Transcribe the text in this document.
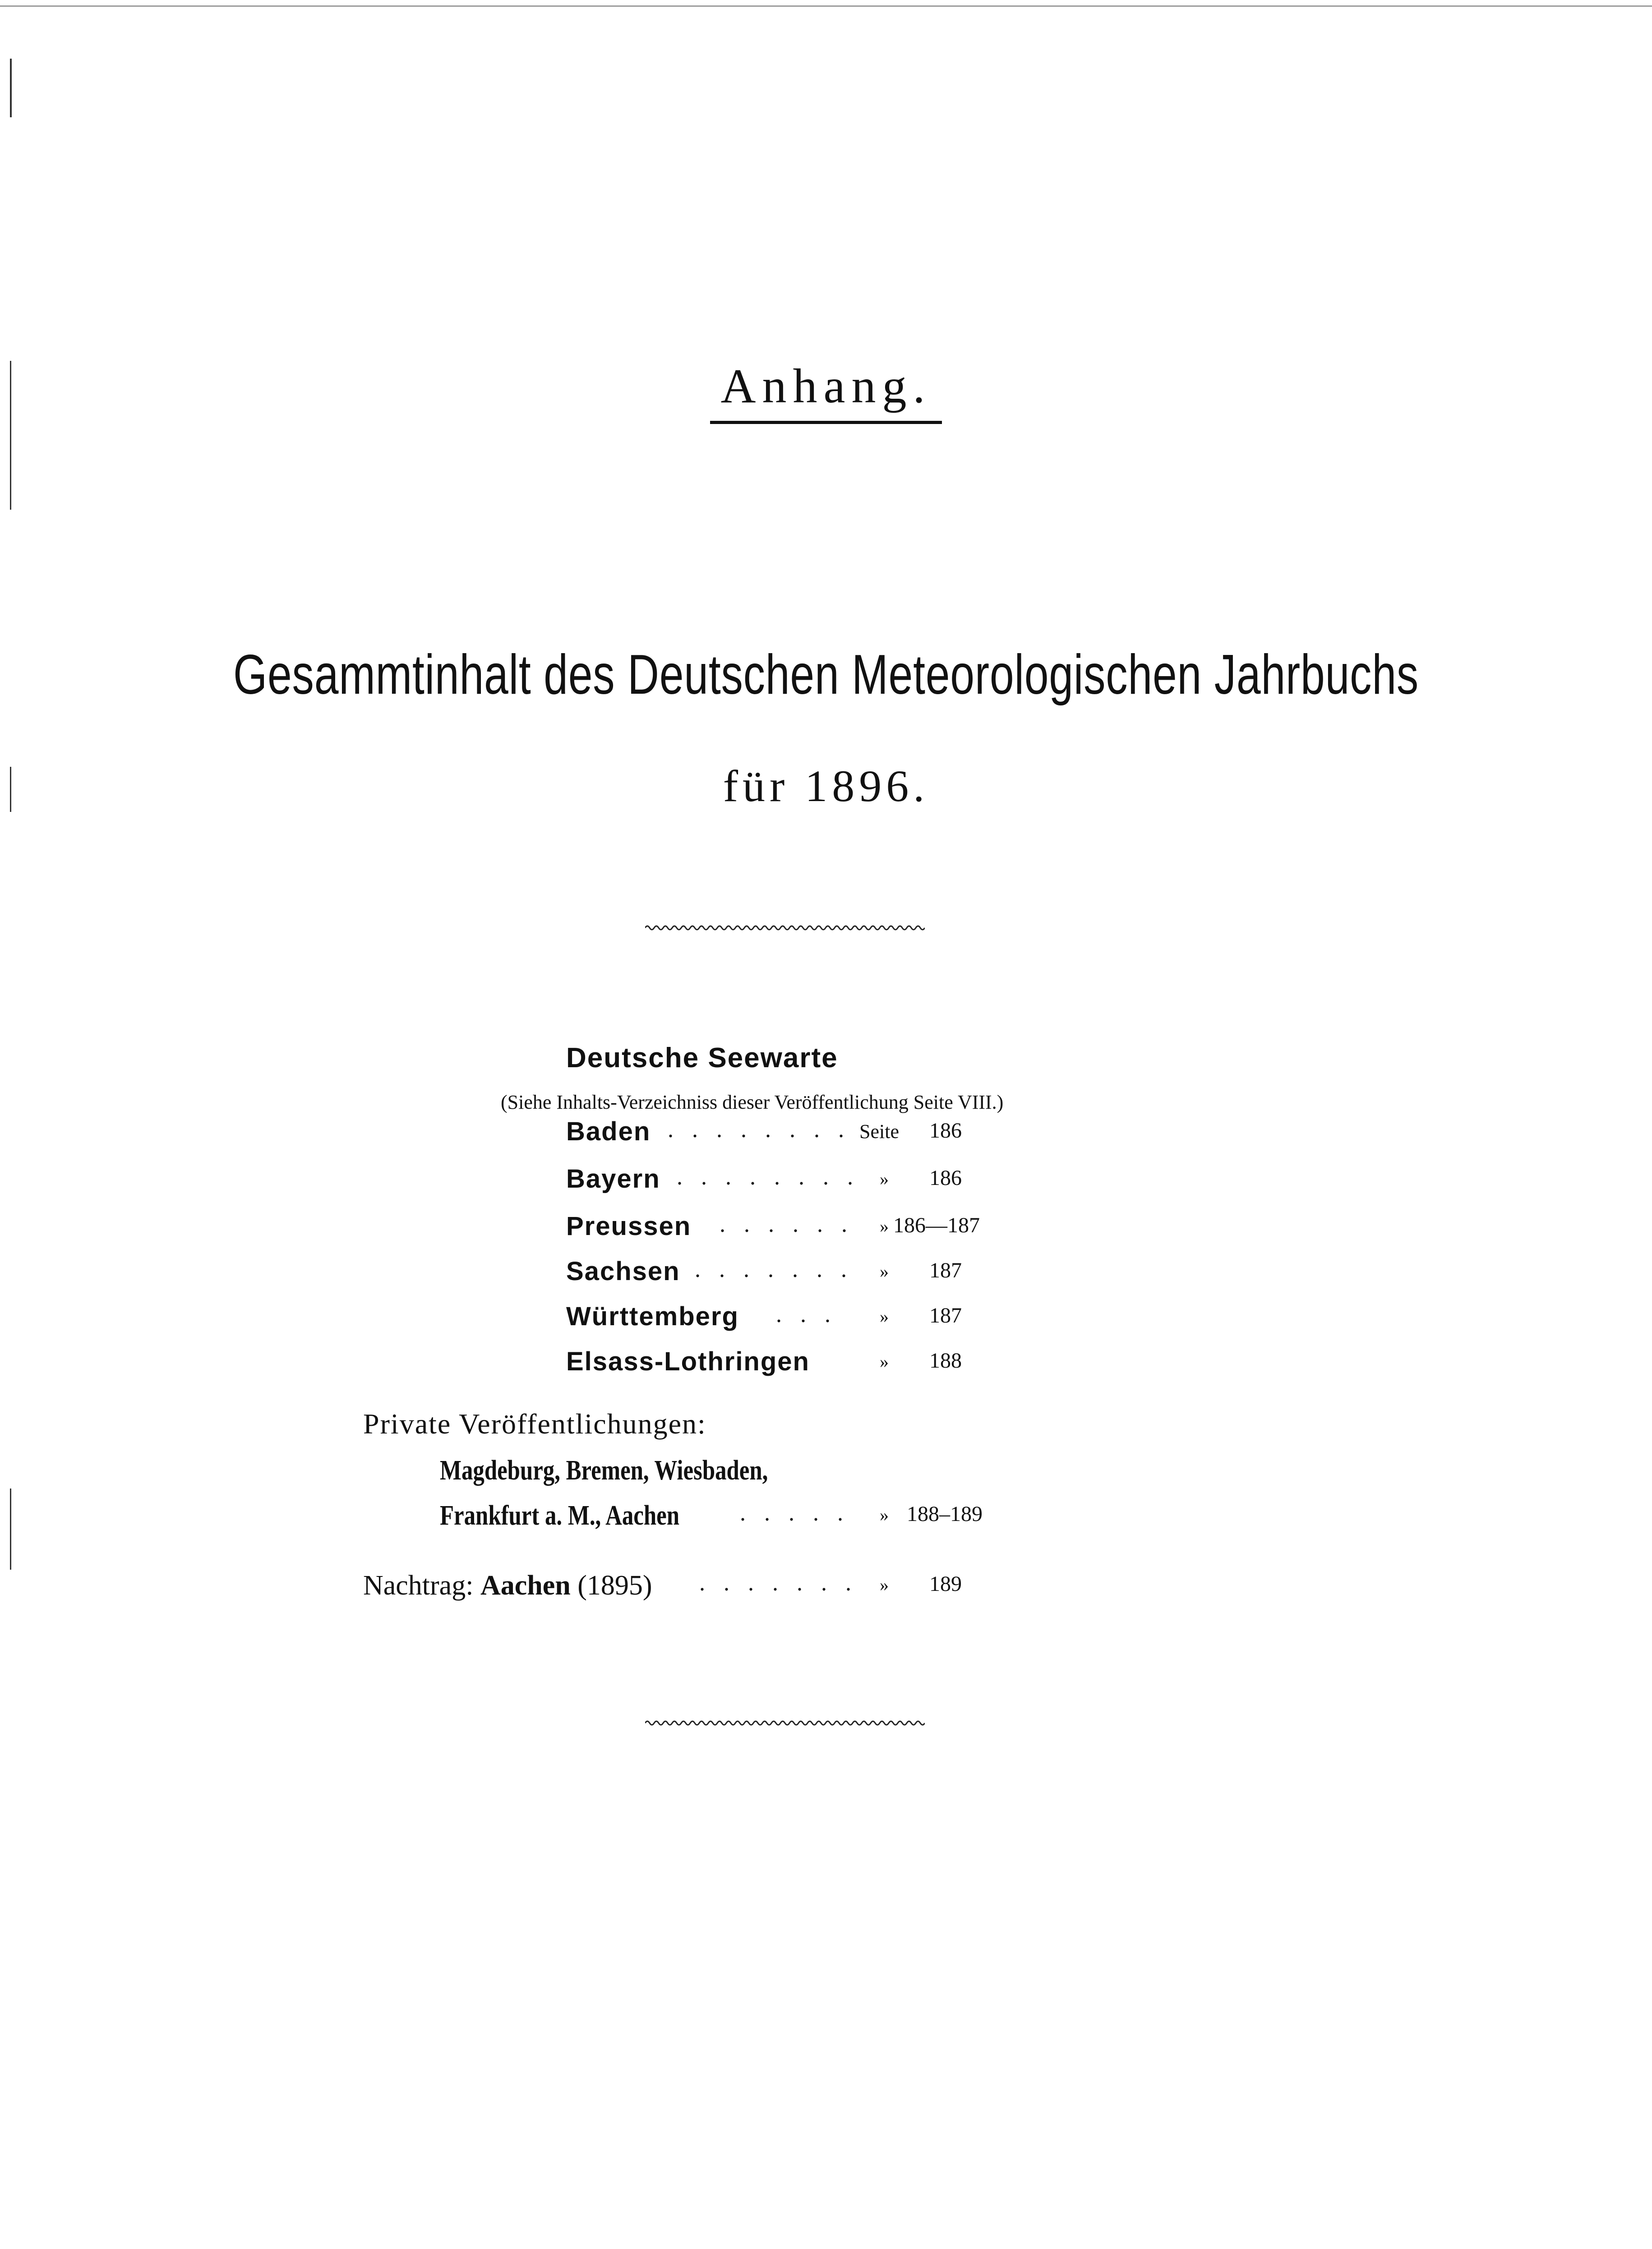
Anhang.
Gesammtinhalt des Deutschen Meteorologischen Jahrbuchs
für 1896.
Deutsche Seewarte
(Siehe Inhalts-Verzeichniss dieser Veröffentlichung Seite VIII.)
Baden . . . . . . . . Seite 186
Bayern . . . . . . . . » 186
Preussen . . . . . . » 186—187
Sachsen . . . . . . . » 187
Württemberg . . . » 187
Elsass-Lothringen	» 188
Private Veröffentlichungen:
Magdeburg, Bremen, Wiesbaden,
Frankfurt a. M., Aachen	. . . . . » 188–189
Nachtrag: Aachen (1895) . . . . . . . » 189
